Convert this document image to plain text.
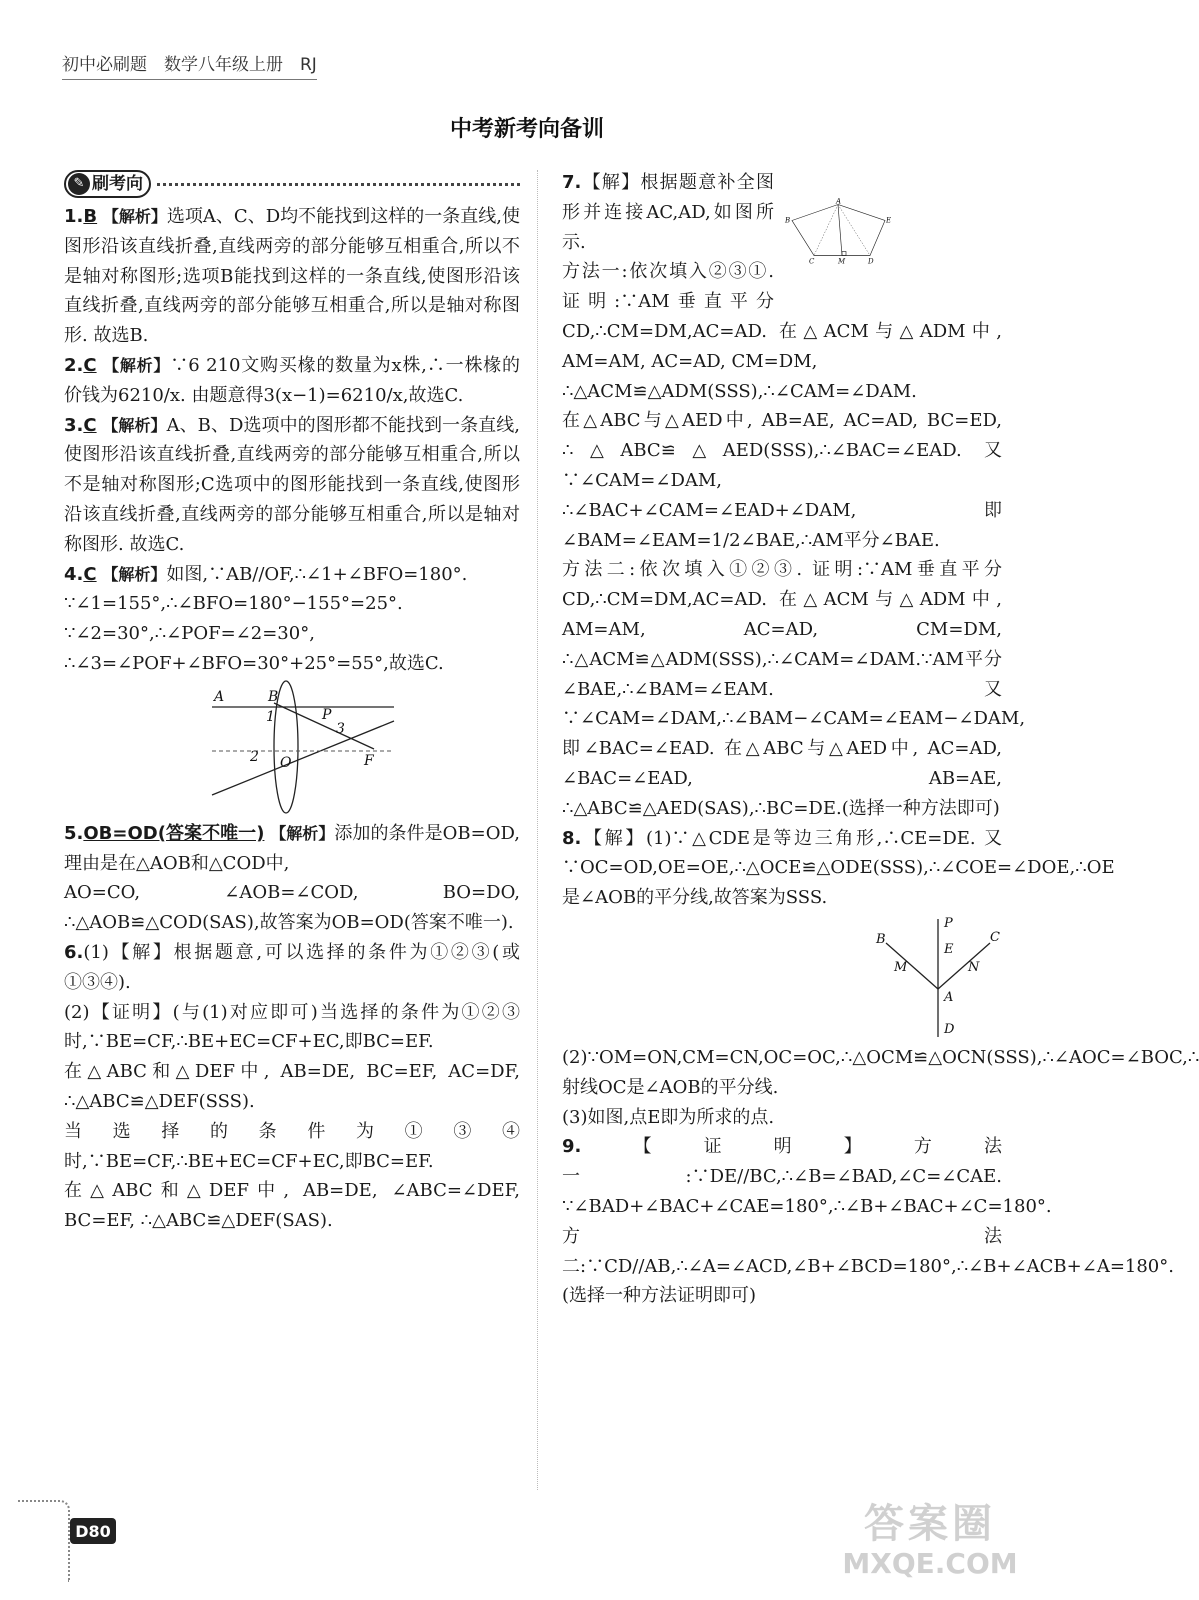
初中必刷题　数学八年级上册　RJ
中考新考向备训
✎ 刷考向

1.B 【解析】选项A、C、D均不能找到这样的一条直线,使图形沿该直线折叠,直线两旁的部分能够互相重合,所以不是轴对称图形;选项B能找到这样的一条直线,使图形沿该直线折叠,直线两旁的部分能够互相重合,所以是轴对称图形. 故选B.

2.C 【解析】∵6 210文购买椽的数量为x株,∴一株椽的价钱为6210/x. 由题意得3(x−1)=6210/x,故选C.

3.C 【解析】A、B、D选项中的图形都不能找到一条直线,使图形沿该直线折叠,直线两旁的部分能够互相重合,所以不是轴对称图形;C选项中的图形能找到一条直线,使图形沿该直线折叠,直线两旁的部分能够互相重合,所以是轴对称图形. 故选C.

4.C 【解析】如图,∵AB//OF,∴∠1+∠BFO=180°.

∵∠1=155°,∴∠BFO=180°−155°=25°.

∵∠2=30°,∴∠POF=∠2=30°,

∴∠3=∠POF+∠BFO=30°+25°=55°,故选C.

A	B
1	P
3
2 O	F

5.OB=OD(答案不唯一) 【解析】添加的条件是OB=OD,理由是在△AOB和△COD中,

AO=CO, ∠AOB=∠COD, BO=DO, ∴△AOB≌△COD(SAS),故答案为OB=OD(答案不唯一).

6.(1)【解】根据题意,可以选择的条件为①②③(或①③④).

(2)【证明】(与(1)对应即可)当选择的条件为①②③时,∵BE=CF,∴BE+EC=CF+EC,即BC=EF.

在△ABC和△DEF中, AB=DE, BC=EF, AC=DF, ∴△ABC≌△DEF(SSS).

当选择的条件为①③④时,∵BE=CF,∴BE+EC=CF+EC,即BC=EF.

在△ABC和△DEF中, AB=DE, ∠ABC=∠DEF, BC=EF, ∴△ABC≌△DEF(SAS).

A
B	E
C M D

7.【解】根据题意补全图形并连接AC,AD,如图所示.

方法一:依次填入②③①. 证明:∵AM垂直平分CD,∴CM=DM,AC=AD. 在△ACM与△ADM中, AM=AM, AC=AD, CM=DM,

∴△ACM≌△ADM(SSS),∴∠CAM=∠DAM.

在△ABC与△AED中, AB=AE, AC=AD, BC=ED, ∴△ABC≌△AED(SSS),∴∠BAC=∠EAD. 又∵∠CAM=∠DAM,

∴∠BAC+∠CAM=∠EAD+∠DAM,即∠BAM=∠EAM=1/2∠BAE,∴AM平分∠BAE.

方法二:依次填入①②③. 证明:∵AM垂直平分CD,∴CM=DM,AC=AD. 在△ACM与△ADM中, AM=AM, AC=AD, CM=DM, ∴△ACM≌△ADM(SSS),∴∠CAM=∠DAM.∵AM平分∠BAE,∴∠BAM=∠EAM. 又∵∠CAM=∠DAM,∴∠BAM−∠CAM=∠EAM−∠DAM,即∠BAC=∠EAD. 在△ABC与△AED中, AC=AD, ∠BAC=∠EAD, AB=AE, ∴△ABC≌△AED(SAS),∴BC=DE.(选择一种方法即可)

8.【解】(1)∵△CDE是等边三角形,∴CE=DE. 又∵OC=OD,OE=OE,∴△OCE≌△ODE(SSS),∴∠COE=∠DOE,∴OE是∠AOB的平分线,故答案为SSS.

P
B
E
C
M	N
A
D

(2)∵OM=ON,CM=CN,OC=OC,∴△OCM≌△OCN(SSS),∴∠AOC=∠BOC,∴射线OC是∠AOB的平分线.

(3)如图,点E即为所求的点.

9.【证明】方法一:∵DE//BC,∴∠B=∠BAD,∠C=∠CAE. ∵∠BAD+∠BAC+∠CAE=180°,∴∠B+∠BAC+∠C=180°.

方法二:∵CD//AB,∴∠A=∠ACD,∠B+∠BCD=180°,∴∠B+∠ACB+∠A=180°.(选择一种方法证明即可)

D80	答案圈
MXQE.COM
